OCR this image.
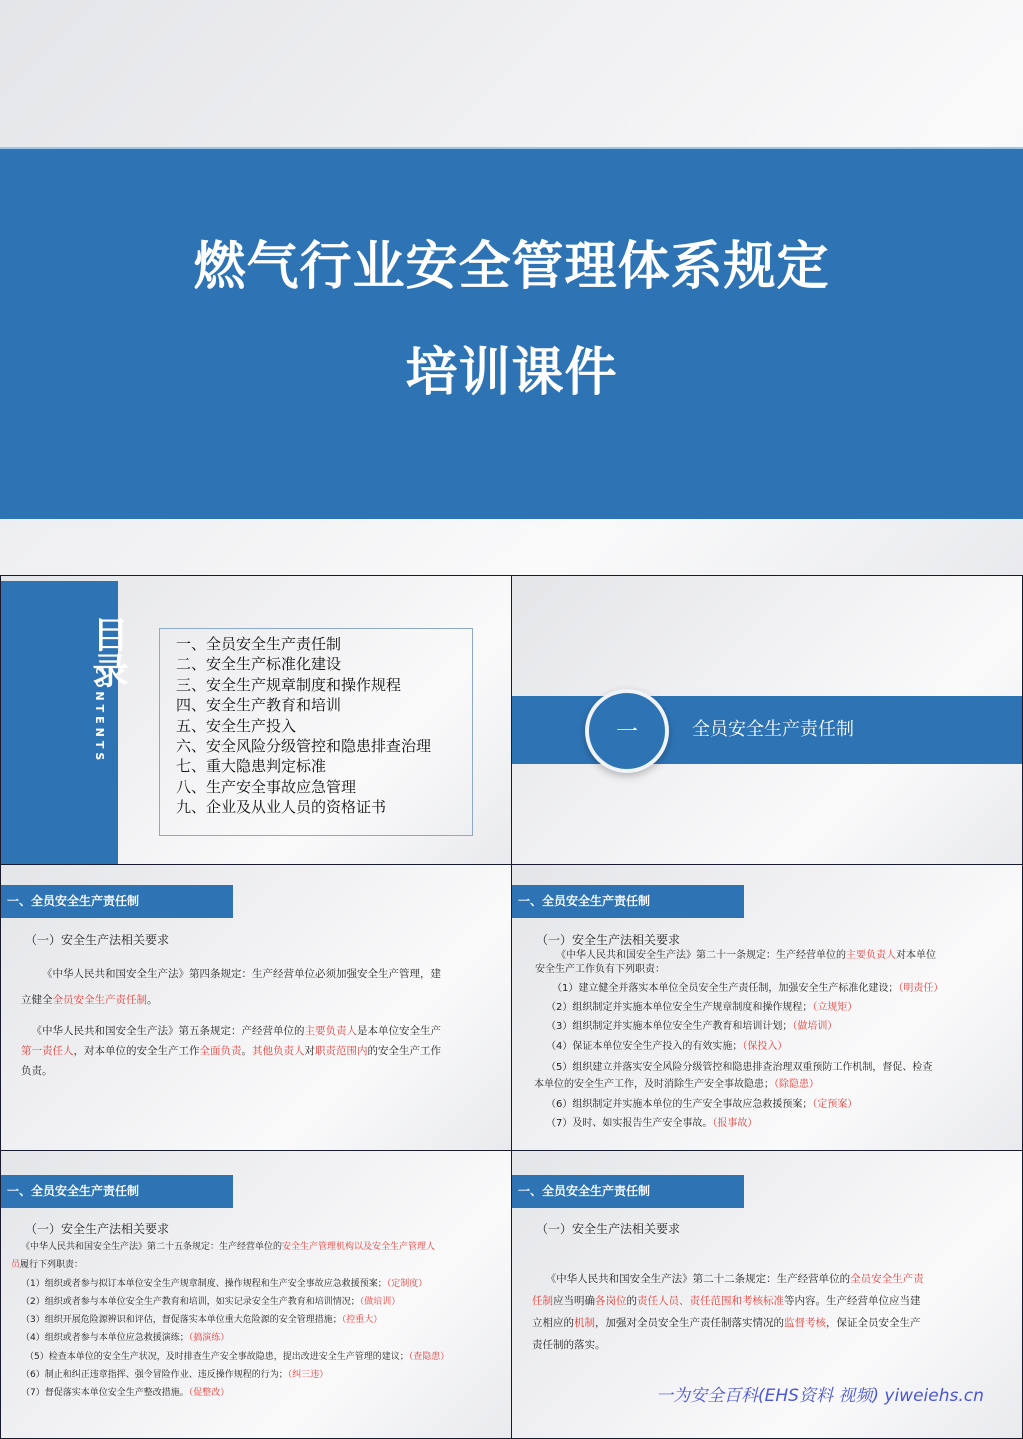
燃气行业安全管理体系规定
培训课件
CONTENTS
目录	一、全员安全生产责任制
二、安全生产标准化建设
三、安全生产规章制度和操作规程
四、安全生产教育和培训
五、安全生产投入
六、安全风险分级管控和隐患排查治理
七、重大隐患判定标准
八、生产安全事故应急管理
九、企业及从业人员的资格证书
一	全员安全生产责任制
一、全员安全生产责任制
（一）安全生产法相关要求
《中华人民共和国安全生产法》第四条规定：生产经营单位必须加强安全生产管理，建立健全全员安全生产责任制。
《中华人民共和国安全生产法》第五条规定：产经营单位的主要负责人是本单位安全生产第一责任人，对本单位的安全生产工作全面负责。其他负责人对职责范围内的安全生产工作负责。
一、全员安全生产责任制
（一）安全生产法相关要求
《中华人民共和国安全生产法》第二十一条规定：生产经营单位的主要负责人对本单位
安全生产工作负有下列职责：
（1）建立健全并落实本单位全员安全生产责任制，加强安全生产标准化建设；（明责任）
（2）组织制定并实施本单位安全生产规章制度和操作规程；（立规矩）
（3）组织制定并实施本单位安全生产教育和培训计划；（做培训）
（4）保证本单位安全生产投入的有效实施；（保投入）
（5）组织建立并落实安全风险分级管控和隐患排查治理双重预防工作机制，督促、检查
本单位的安全生产工作，及时消除生产安全事故隐患；（除隐患）
（6）组织制定并实施本单位的生产安全事故应急救援预案；（定预案）
（7）及时、如实报告生产安全事故。（报事故）
一、全员安全生产责任制
（一）安全生产法相关要求
《中华人民共和国安全生产法》第二十五条规定：生产经营单位的安全生产管理机构以及安全生产管理人
员履行下列职责：
（1）组织或者参与拟订本单位安全生产规章制度、操作规程和生产安全事故应急救援预案；（定制度）
（2）组织或者参与本单位安全生产教育和培训，如实记录安全生产教育和培训情况；（做培训）
（3）组织开展危险源辨识和评估，督促落实本单位重大危险源的安全管理措施；（控重大）
（4）组织或者参与本单位应急救援演练；（搞演练）
（5）检查本单位的安全生产状况，及时排查生产安全事故隐患，提出改进安全生产管理的建议；（查隐患）
（6）制止和纠正违章指挥、强令冒险作业、违反操作规程的行为；（纠三违）
（7）督促落实本单位安全生产整改措施。（促整改）
一、全员安全生产责任制
（一）安全生产法相关要求
《中华人民共和国安全生产法》第二十二条规定：生产经营单位的全员安全生产责任制应当明确各岗位的责任人员、责任范围和考核标准等内容。生产经营单位应当建立相应的机制，加强对全员安全生产责任制落实情况的监督考核，保证全员安全生产责任制的落实。
一为安全百科(EHS资料 视频) yiweiehs.cn
